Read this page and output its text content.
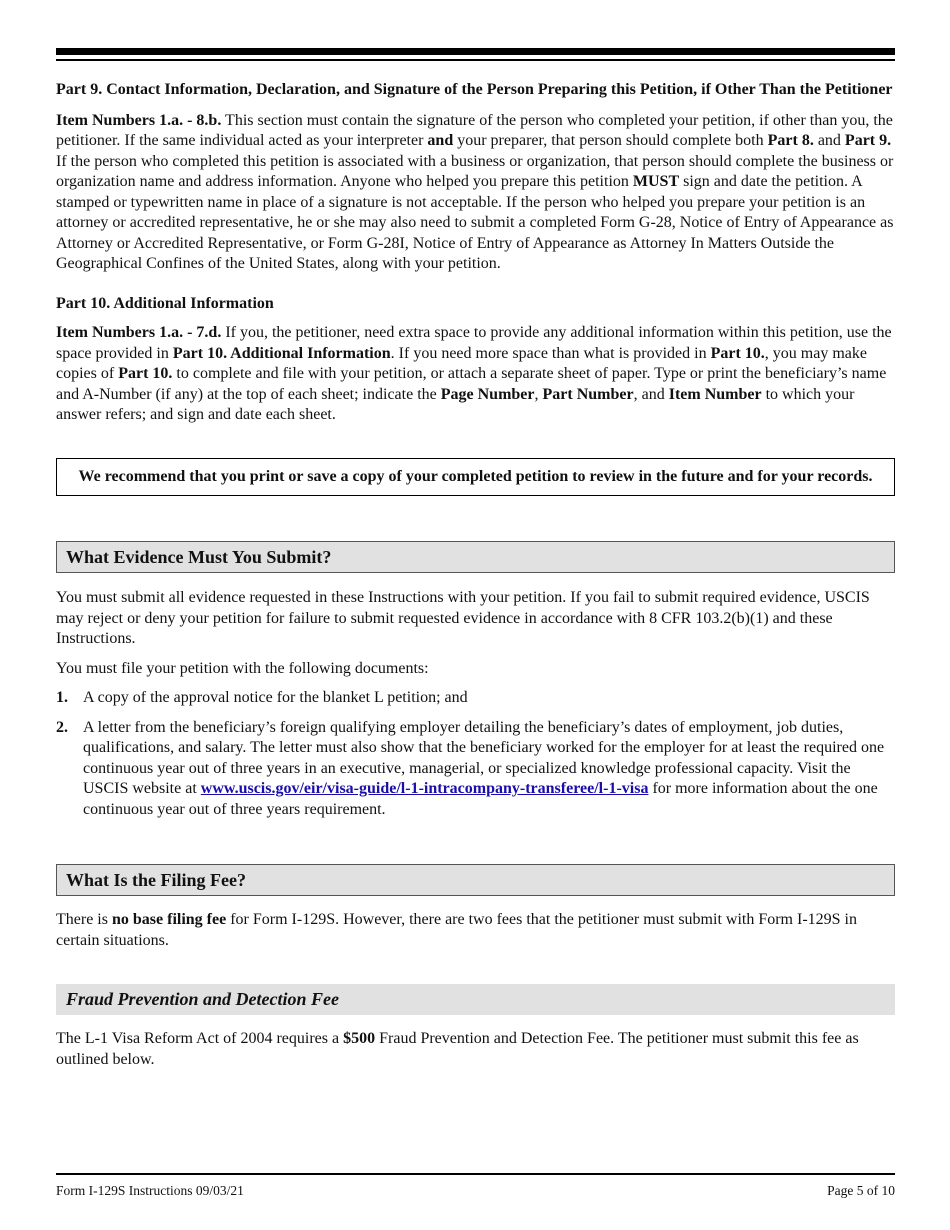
Part 9. Contact Information, Declaration, and Signature of the Person Preparing this Petition, if Other Than the Petitioner

Item Numbers 1.a. - 8.b. This section must contain the signature of the person who completed your petition, if other than you, the petitioner. If the same individual acted as your interpreter and your preparer, that person should complete both Part 8. and Part 9. If the person who completed this petition is associated with a business or organization, that person should complete the business or organization name and address information. Anyone who helped you prepare this petition MUST sign and date the petition. A stamped or typewritten name in place of a signature is not acceptable. If the person who helped you prepare your petition is an attorney or accredited representative, he or she may also need to submit a completed Form G-28, Notice of Entry of Appearance as Attorney or Accredited Representative, or Form G-28I, Notice of Entry of Appearance as Attorney In Matters Outside the Geographical Confines of the United States, along with your petition.

Part 10. Additional Information

Item Numbers 1.a. - 7.d. If you, the petitioner, need extra space to provide any additional information within this petition, use the space provided in Part 10. Additional Information. If you need more space than what is provided in Part 10., you may make copies of Part 10. to complete and file with your petition, or attach a separate sheet of paper. Type or print the beneficiary’s name and A-Number (if any) at the top of each sheet; indicate the Page Number, Part Number, and Item Number to which your answer refers; and sign and date each sheet.

We recommend that you print or save a copy of your completed petition to review in the future and for your records.
What Evidence Must You Submit?

You must submit all evidence requested in these Instructions with your petition. If you fail to submit required evidence, USCIS may reject or deny your petition for failure to submit requested evidence in accordance with 8 CFR 103.2(b)(1) and these Instructions.

You must file your petition with the following documents:

1. A copy of the approval notice for the blanket L petition; and
2. A letter from the beneficiary’s foreign qualifying employer detailing the beneficiary’s dates of employment, job duties, qualifications, and salary. The letter must also show that the beneficiary worked for the employer for at least the required one continuous year out of three years in an executive, managerial, or specialized knowledge professional capacity. Visit the USCIS website at www.uscis.gov/eir/visa-guide/l-1-intracompany-transferee/l-1-visa for more information about the one continuous year out of three years requirement.
What Is the Filing Fee?

There is no base filing fee for Form I-129S. However, there are two fees that the petitioner must submit with Form I-129S in certain situations.

Fraud Prevention and Detection Fee

The L-1 Visa Reform Act of 2004 requires a $500 Fraud Prevention and Detection Fee. The petitioner must submit this fee as outlined below.

Form I-129S Instructions 09/03/21	Page 5 of 10
